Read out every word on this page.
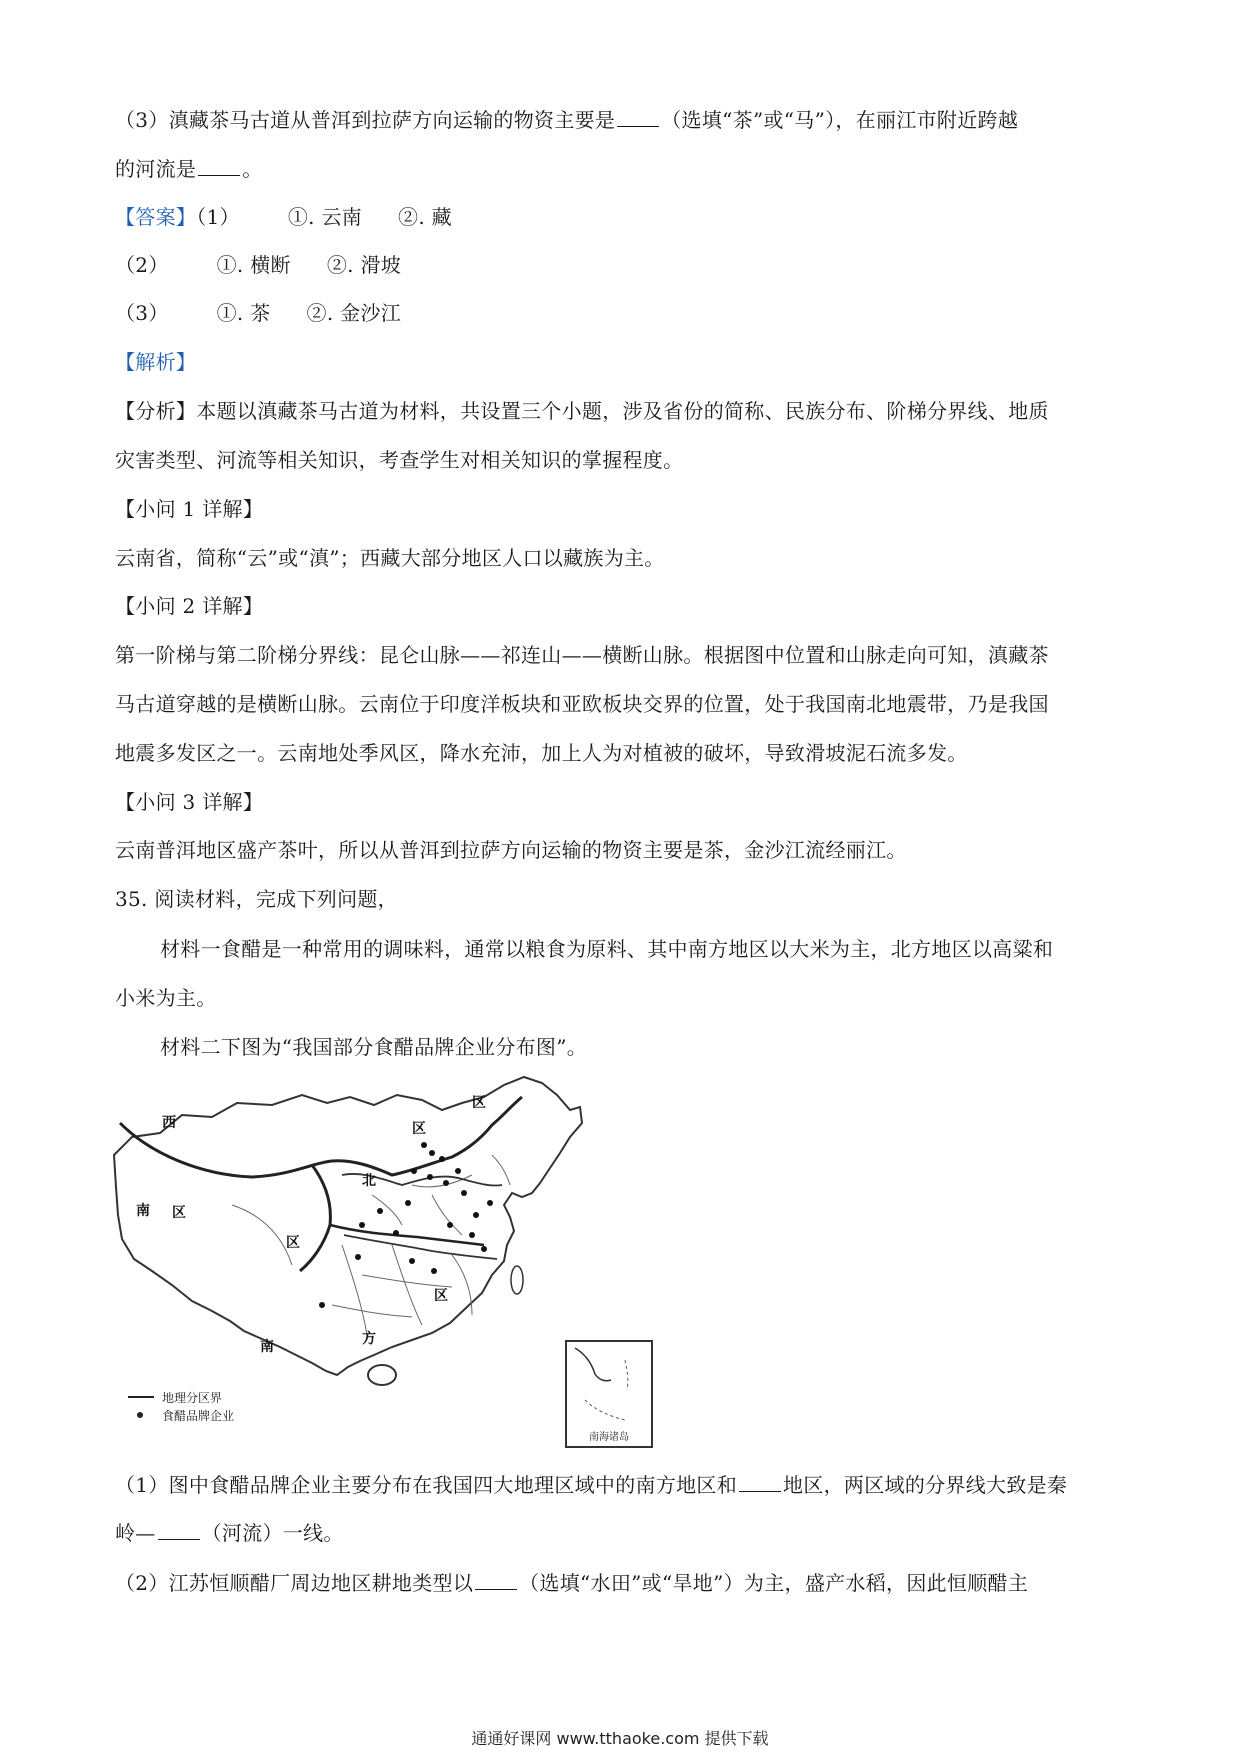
（3）滇藏茶马古道从普洱到拉萨方向运输的物资主要是 （选填“茶”或“马”），在丽江市附近跨越
的河流是 。
【答案】（1） ①. 云南 ②. 藏
（2） ①. 横断 ②. 滑坡
（3） ①. 茶 ②. 金沙江
【解析】
【分析】本题以滇藏茶马古道为材料，共设置三个小题，涉及省份的简称、民族分布、阶梯分界线、地质
灾害类型、河流等相关知识，考查学生对相关知识的掌握程度。
【小问 1 详解】
云南省，简称“云”或“滇”；西藏大部分地区人口以藏族为主。
【小问 2 详解】
第一阶梯与第二阶梯分界线：昆仑山脉——祁连山——横断山脉。根据图中位置和山脉走向可知，滇藏茶
马古道穿越的是横断山脉。云南位于印度洋板块和亚欧板块交界的位置，处于我国南北地震带，乃是我国
地震多发区之一。云南地处季风区，降水充沛，加上人为对植被的破坏，导致滑坡泥石流多发。
【小问 3 详解】
云南普洱地区盛产茶叶，所以从普洱到拉萨方向运输的物资主要是茶，金沙江流经丽江。
35. 阅读材料，完成下列问题，
材料一食醋是一种常用的调味料，通常以粮食为原料、其中南方地区以大米为主，北方地区以高粱和
小米为主。
材料二下图为“我国部分食醋品牌企业分布图”。
西
南 区
北
区
区
区
方
南
区
地理分区界
食醋品牌企业
南海诸岛
（1）图中食醋品牌企业主要分布在我国四大地理区域中的南方地区和 地区，两区域的分界线大致是秦
岭— （河流）一线。
（2）江苏恒顺醋厂周边地区耕地类型以 （选填“水田”或“旱地”）为主，盛产水稻，因此恒顺醋主
通通好课网 www.tthaoke.com 提供下载
